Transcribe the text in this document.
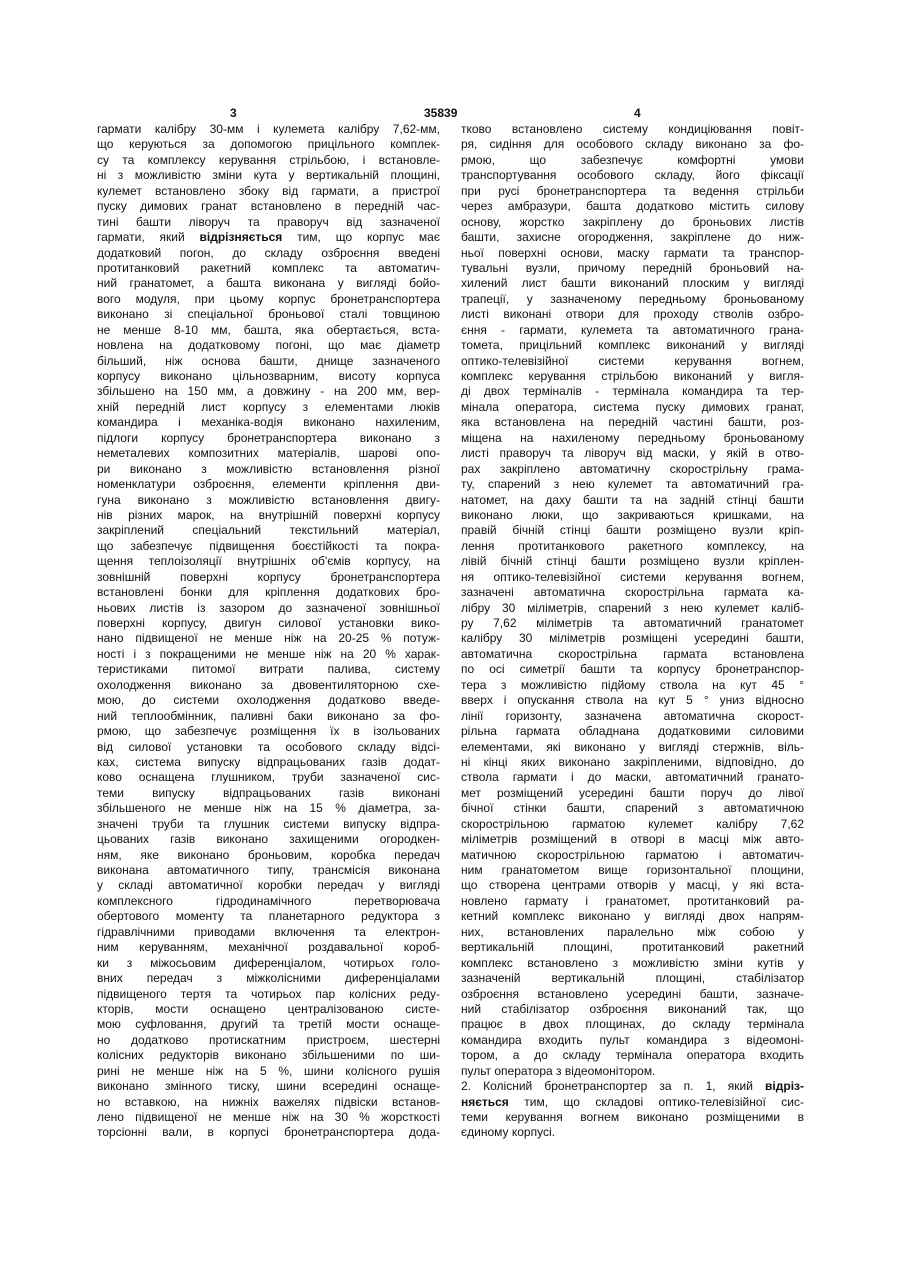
3	35839	4
гармати калібру 30-мм і кулемета калібру 7,62-мм,
що керуються за допомогою прицільного комплек-
су та комплексу керування стрільбою, і встановле-
ні з можливістю зміни кута у вертикальній площині,
кулемет встановлено збоку від гармати, а пристрої
пуску димових гранат встановлено в передній час-
тині башти ліворуч та праворуч від зазначеної
гармати, який відрізняється тим, що корпус має
додатковий погон, до складу озброєння введені
протитанковий ракетний комплекс та автоматич-
ний гранатомет, а башта виконана у вигляді бойо-
вого модуля, при цьому корпус бронетранспортера
виконано зі спеціальної броньової сталі товщиною
не менше 8-10 мм, башта, яка обертається, вста-
новлена на додатковому погоні, що має діаметр
більший, ніж основа башти, днище зазначеного
корпусу виконано цільнозварним, висоту корпуса
збільшено на 150 мм, а довжину - на 200 мм, вер-
хній передній лист корпусу з елементами люків
командира і механіка-водія виконано нахиленим,
підлоги корпусу бронетранспортера виконано з
неметалевих композитних матеріалів, шарові опо-
ри виконано з можливістю встановлення різної
номенклатури озброєння, елементи кріплення дви-
гуна виконано з можливістю встановлення двигу-
нів різних марок, на внутрішній поверхні корпусу
закріплений спеціальний текстильний матеріал,
що забезпечує підвищення боєстійкості та покра-
щення теплоізоляції внутрішніх об'ємів корпусу, на
зовнішній поверхні корпусу бронетранспортера
встановлені бонки для кріплення додаткових бро-
ньових листів із зазором до зазначеної зовнішньої
поверхні корпусу, двигун силової установки вико-
нано підвищеної не менше ніж на 20-25 % потуж-
ності і з покращеними не менше ніж на 20 % харак-
теристиками питомої витрати палива, систему
охолодження виконано за двовентиляторною схе-
мою, до системи охолодження додатково введе-
ний теплообмінник, паливні баки виконано за фо-
рмою, що забезпечує розміщення їх в ізольованих
від силової установки та особового складу відсі-
ках, система випуску відпрацьованих газів додат-
ково оснащена глушником, труби зазначеної сис-
теми випуску відпрацьованих газів виконані
збільшеного не менше ніж на 15 % діаметра, за-
значені труби та глушник системи випуску відпра-
цьованих газів виконано захищеними огородкен-
ням, яке виконано броньовим, коробка передач
виконана автоматичного типу, трансмісія виконана
у складі автоматичної коробки передач у вигляді
комплексного гідродинамічного перетворювача
обертового моменту та планетарного редуктора з
гідравлічними приводами включення та електрон-
ним керуванням, механічної роздавальної короб-
ки з міжосьовим диференціалом, чотирьох голо-
вних передач з міжколісними диференціалами
підвищеного тертя та чотирьох пар колісних реду-
кторів, мости оснащено централізованою систе-
мою суфловання, другий та третій мости оснаще-
но додатково протискатним пристроєм, шестерні
колісних редукторів виконано збільшеними по ши-
рині не менше ніж на 5 %, шини колісного рушія
виконано змінного тиску, шини всередині оснаще-
но вставкою, на нижніх важелях підвіски встанов-
лено підвищеної не менше ніж на 30 % жорсткості
торсіонні вали, в корпусі бронетранспортера дода-
тково встановлено систему кондиціювання повіт-
ря, сидіння для особового складу виконано за фо-
рмою, що забезпечує комфортні умови
транспортування особового складу, його фіксації
при русі бронетранспортера та ведення стрільби
через амбразури, башта додатково містить силову
основу, жорстко закріплену до броньових листів
башти, захисне огородження, закріплене до ниж-
ньої поверхні основи, маску гармати та транспор-
тувальні вузли, причому передній броньовий на-
хилений лист башти виконаний плоским у вигляді
трапеції, у зазначеному передньому броньованому
листі виконані отвори для проходу стволів озбро-
єння - гармати, кулемета та автоматичного грана-
томета, прицільний комплекс виконаний у вигляді
оптико-телевізійної системи керування вогнем,
комплекс керування стрільбою виконаний у вигля-
ді двох терміналів - термінала командира та тер-
мінала оператора, система пуску димових гранат,
яка встановлена на передній частині башти, роз-
міщена на нахиленому передньому броньованому
листі праворуч та ліворуч від маски, у якій в отво-
рах закріплено автоматичну скорострільну грама-
ту, спарений з нею кулемет та автоматичний гра-
натомет, на даху башти та на задній стінці башти
виконано люки, що закриваються кришками, на
правій бічній стінці башти розміщено вузли кріп-
лення протитанкового ракетного комплексу, на
лівій бічній стінці башти розміщено вузли кріплен-
ня оптико-телевізійної системи керування вогнем,
зазначені автоматична скорострільна гармата ка-
лібру 30 міліметрів, спарений з нею кулемет каліб-
ру 7,62 міліметрів та автоматичний гранатомет
калібру 30 міліметрів розміщені усередині башти,
автоматична скорострільна гармата встановлена
по осі симетрії башти та корпусу бронетранспор-
тера з можливістю підйому ствола на кут 45 °
вверх і опускання ствола на кут 5 ° униз відносно
лінії горизонту, зазначена автоматична скорост-
рільна гармата обладнана додатковими силовими
елементами, які виконано у вигляді стержнів, віль-
ні кінці яких виконано закріпленими, відповідно, до
ствола гармати і до маски, автоматичний гранато-
мет розміщений усередині башти поруч до лівої
бічної стінки башти, спарений з автоматичною
скорострільною гарматою кулемет калібру 7,62
міліметрів розміщений в отворі в масці між авто-
матичною скорострільною гарматою і автоматич-
ним гранатометом вище горизонтальної площини,
що створена центрами отворів у масці, у які вста-
новлено гармату і гранатомет, протитанковий ра-
кетний комплекс виконано у вигляді двох напрям-
них, встановлених паралельно між собою у
вертикальній площині, протитанковий ракетний
комплекс встановлено з можливістю зміни кутів у
зазначеній вертикальній площині, стабілізатор
озброєння встановлено усередині башти, зазначе-
ний стабілізатор озброєння виконаний так, що
працює в двох площинах, до складу термінала
командира входить пульт командира з відеомоні-
тором, а до складу термінала оператора входить
пульт оператора з відеомонітором.
2. Колісний бронетранспортер за п. 1, який відріз-
няється тим, що складові оптико-телевізійної сис-
теми керування вогнем виконано розміщеними в
єдиному корпусі.
